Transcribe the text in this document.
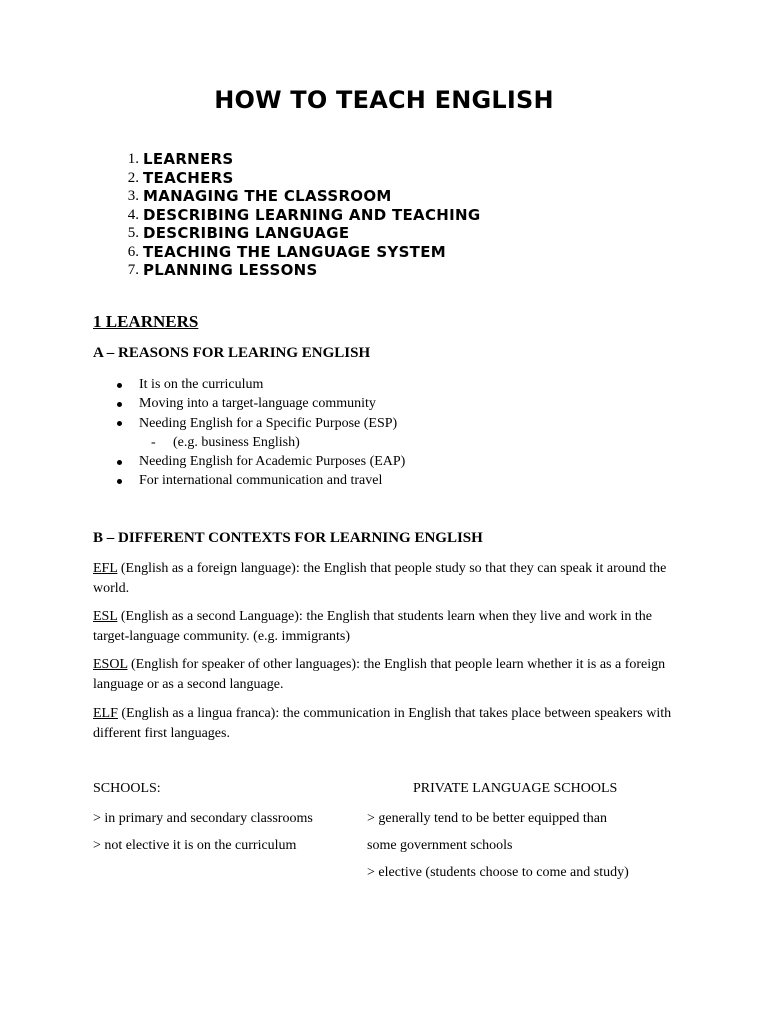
HOW TO TEACH ENGLISH
1. LEARNERS
2. TEACHERS
3. MANAGING THE CLASSROOM
4. DESCRIBING LEARNING AND TEACHING
5. DESCRIBING LANGUAGE
6. TEACHING THE LANGUAGE SYSTEM
7. PLANNING LESSONS
1 LEARNERS
A – REASONS FOR LEARING ENGLISH
It is on the curriculum
Moving into a target-language community
Needing English for a Specific Purpose (ESP)
- (e.g. business English)
Needing English for Academic Purposes (EAP)
For international communication and travel
B – DIFFERENT CONTEXTS FOR LEARNING ENGLISH
EFL (English as a foreign language): the English that people study so that they can speak it around the world.
ESL (English as a second Language): the English that students learn when they live and work in the target-language community. (e.g. immigrants)
ESOL (English for speaker of other languages): the English that people learn whether it is as a foreign language or as a second language.
ELF (English as a lingua franca): the communication in English that takes place between speakers with different first languages.
SCHOOLS:	PRIVATE LANGUAGE SCHOOLS
> in primary and secondary classrooms
> not elective it is on the curriculum
> generally tend to be better equipped than
some government schools
> elective (students choose to come and study)
